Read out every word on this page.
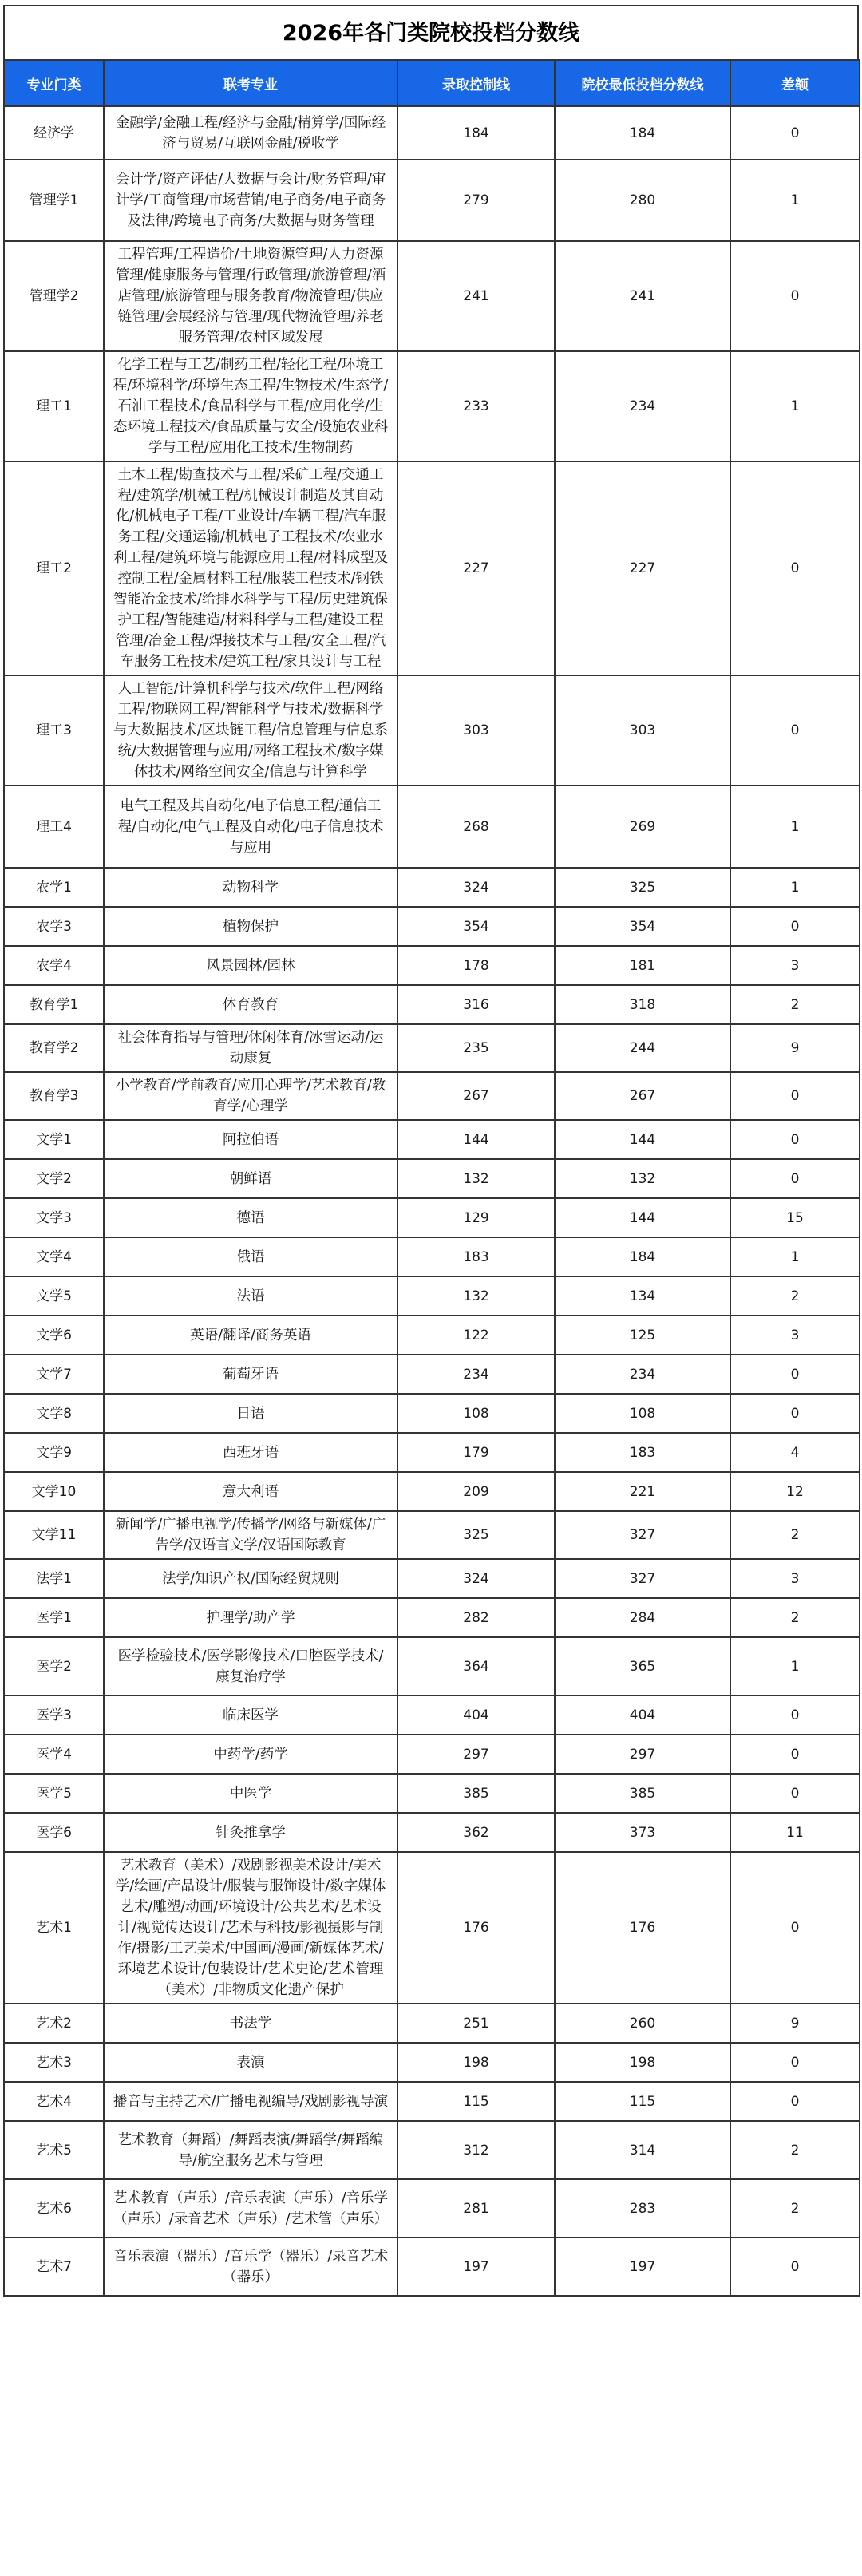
2026年各门类院校投档分数线
专业门类	联考专业	录取控制线	院校最低投档分数线	差额
经济学	金融学/金融工程/经济与金融/精算学/国际经济与贸易/互联网金融/税收学	184	184	0
管理学1	会计学/资产评估/大数据与会计/财务管理/审计学/工商管理/市场营销/电子商务/电子商务及法律/跨境电子商务/大数据与财务管理	279	280	1
管理学2	工程管理/工程造价/土地资源管理/人力资源管理/健康服务与管理/行政管理/旅游管理/酒店管理/旅游管理与服务教育/物流管理/供应链管理/会展经济与管理/现代物流管理/养老服务管理/农村区域发展	241	241	0
理工1	化学工程与工艺/制药工程/轻化工程/环境工程/环境科学/环境生态工程/生物技术/生态学/石油工程技术/食品科学与工程/应用化学/生态环境工程技术/食品质量与安全/设施农业科学与工程/应用化工技术/生物制药	233	234	1
理工2	土木工程/勘查技术与工程/采矿工程/交通工程/建筑学/机械工程/机械设计制造及其自动化/机械电子工程/工业设计/车辆工程/汽车服务工程/交通运输/机械电子工程技术/农业水利工程/建筑环境与能源应用工程/材料成型及控制工程/金属材料工程/服装工程技术/钢铁智能冶金技术/给排水科学与工程/历史建筑保护工程/智能建造/材料科学与工程/建设工程管理/冶金工程/焊接技术与工程/安全工程/汽车服务工程技术/建筑工程/家具设计与工程	227	227	0
理工3	人工智能/计算机科学与技术/软件工程/网络工程/物联网工程/智能科学与技术/数据科学与大数据技术/区块链工程/信息管理与信息系统/大数据管理与应用/网络工程技术/数字媒体技术/网络空间安全/信息与计算科学	303	303	0
理工4	电气工程及其自动化/电子信息工程/通信工程/自动化/电气工程及自动化/电子信息技术与应用	268	269	1
农学1	动物科学	324	325	1
农学3	植物保护	354	354	0
农学4	风景园林/园林	178	181	3
教育学1	体育教育	316	318	2
教育学2	社会体育指导与管理/休闲体育/冰雪运动/运动康复	235	244	9
教育学3	小学教育/学前教育/应用心理学/艺术教育/教育学/心理学	267	267	0
文学1	阿拉伯语	144	144	0
文学2	朝鲜语	132	132	0
文学3	德语	129	144	15
文学4	俄语	183	184	1
文学5	法语	132	134	2
文学6	英语/翻译/商务英语	122	125	3
文学7	葡萄牙语	234	234	0
文学8	日语	108	108	0
文学9	西班牙语	179	183	4
文学10	意大利语	209	221	12
文学11	新闻学/广播电视学/传播学/网络与新媒体/广告学/汉语言文学/汉语国际教育	325	327	2
法学1	法学/知识产权/国际经贸规则	324	327	3
医学1	护理学/助产学	282	284	2
医学2	医学检验技术/医学影像技术/口腔医学技术/康复治疗学	364	365	1
医学3	临床医学	404	404	0
医学4	中药学/药学	297	297	0
医学5	中医学	385	385	0
医学6	针灸推拿学	362	373	11
艺术1	艺术教育（美术）/戏剧影视美术设计/美术学/绘画/产品设计/服装与服饰设计/数字媒体艺术/雕塑/动画/环境设计/公共艺术/艺术设计/视觉传达设计/艺术与科技/影视摄影与制作/摄影/工艺美术/中国画/漫画/新媒体艺术/环境艺术设计/包装设计/艺术史论/艺术管理（美术）/非物质文化遗产保护	176	176	0
艺术2	书法学	251	260	9
艺术3	表演	198	198	0
艺术4	播音与主持艺术/广播电视编导/戏剧影视导演	115	115	0
艺术5	艺术教育（舞蹈）/舞蹈表演/舞蹈学/舞蹈编导/航空服务艺术与管理	312	314	2
艺术6	艺术教育（声乐）/音乐表演（声乐）/音乐学（声乐）/录音艺术（声乐）/艺术管（声乐）	281	283	2
艺术7	音乐表演（器乐）/音乐学（器乐）/录音艺术（器乐）	197	197	0
